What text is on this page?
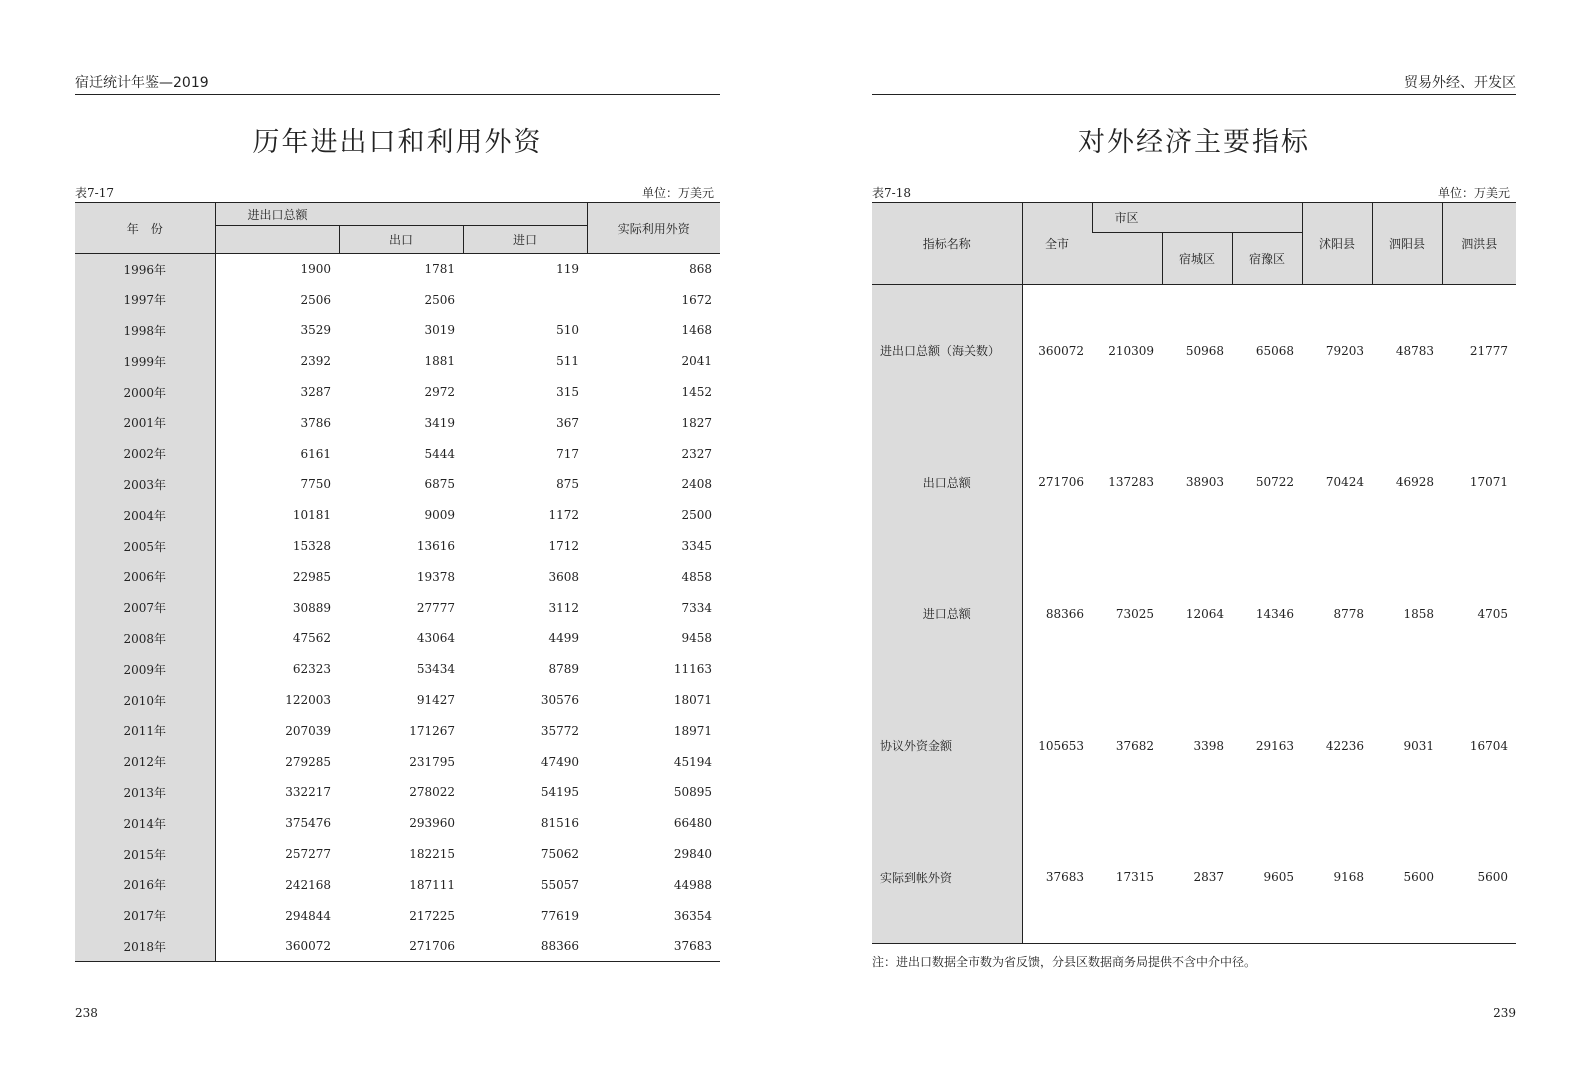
宿迁统计年鉴—2019
历年进出口和利用外资
表7-17	单位：万美元
年　份	进出口总额			实际利用外资
		出口	进口	
1996年	1900	1781	119	868
1997年	2506	2506		1672
1998年	3529	3019	510	1468
1999年	2392	1881	511	2041
2000年	3287	2972	315	1452
2001年	3786	3419	367	1827
2002年	6161	5444	717	2327
2003年	7750	6875	875	2408
2004年	10181	9009	1172	2500
2005年	15328	13616	1712	3345
2006年	22985	19378	3608	4858
2007年	30889	27777	3112	7334
2008年	47562	43064	4499	9458
2009年	62323	53434	8789	11163
2010年	122003	91427	30576	18071
2011年	207039	171267	35772	18971
2012年	279285	231795	47490	45194
2013年	332217	278022	54195	50895
2014年	375476	293960	81516	66480
2015年	257277	182215	75062	29840
2016年	242168	187111	55057	44988
2017年	294844	217225	77619	36354
2018年	360072	271706	88366	37683
238
贸易外经、开发区
对外经济主要指标
表7-18	单位：万美元
指标名称	全市	市区			沭阳县	泗阳县	泗洪县
			宿城区	宿豫区			
进出口总额（海关数）	360072	210309	50968	65068	79203	48783	21777
出口总额	271706	137283	38903	50722	70424	46928	17071
进口总额	88366	73025	12064	14346	8778	1858	4705
协议外资金额	105653	37682	3398	29163	42236	9031	16704
实际到帐外资	37683	17315	2837	9605	9168	5600	5600
注：进出口数据全市数为省反馈，分县区数据商务局提供不含中介中径。
239
